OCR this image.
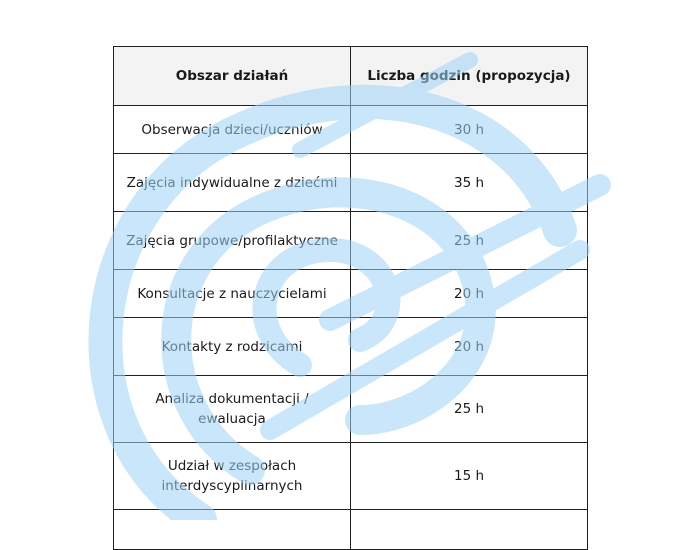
Obszar działań	Liczba godzin (propozycja)
Obserwacja dzieci/uczniów	30 h
Zajęcia indywidualne z dziećmi	35 h
Zajęcia grupowe/profilaktyczne	25 h
Konsultacje z nauczycielami	20 h
Kontakty z rodzicami	20 h
Analiza dokumentacji / ewaluacja	25 h
Udział w zespołach interdyscyplinarnych	15 h
